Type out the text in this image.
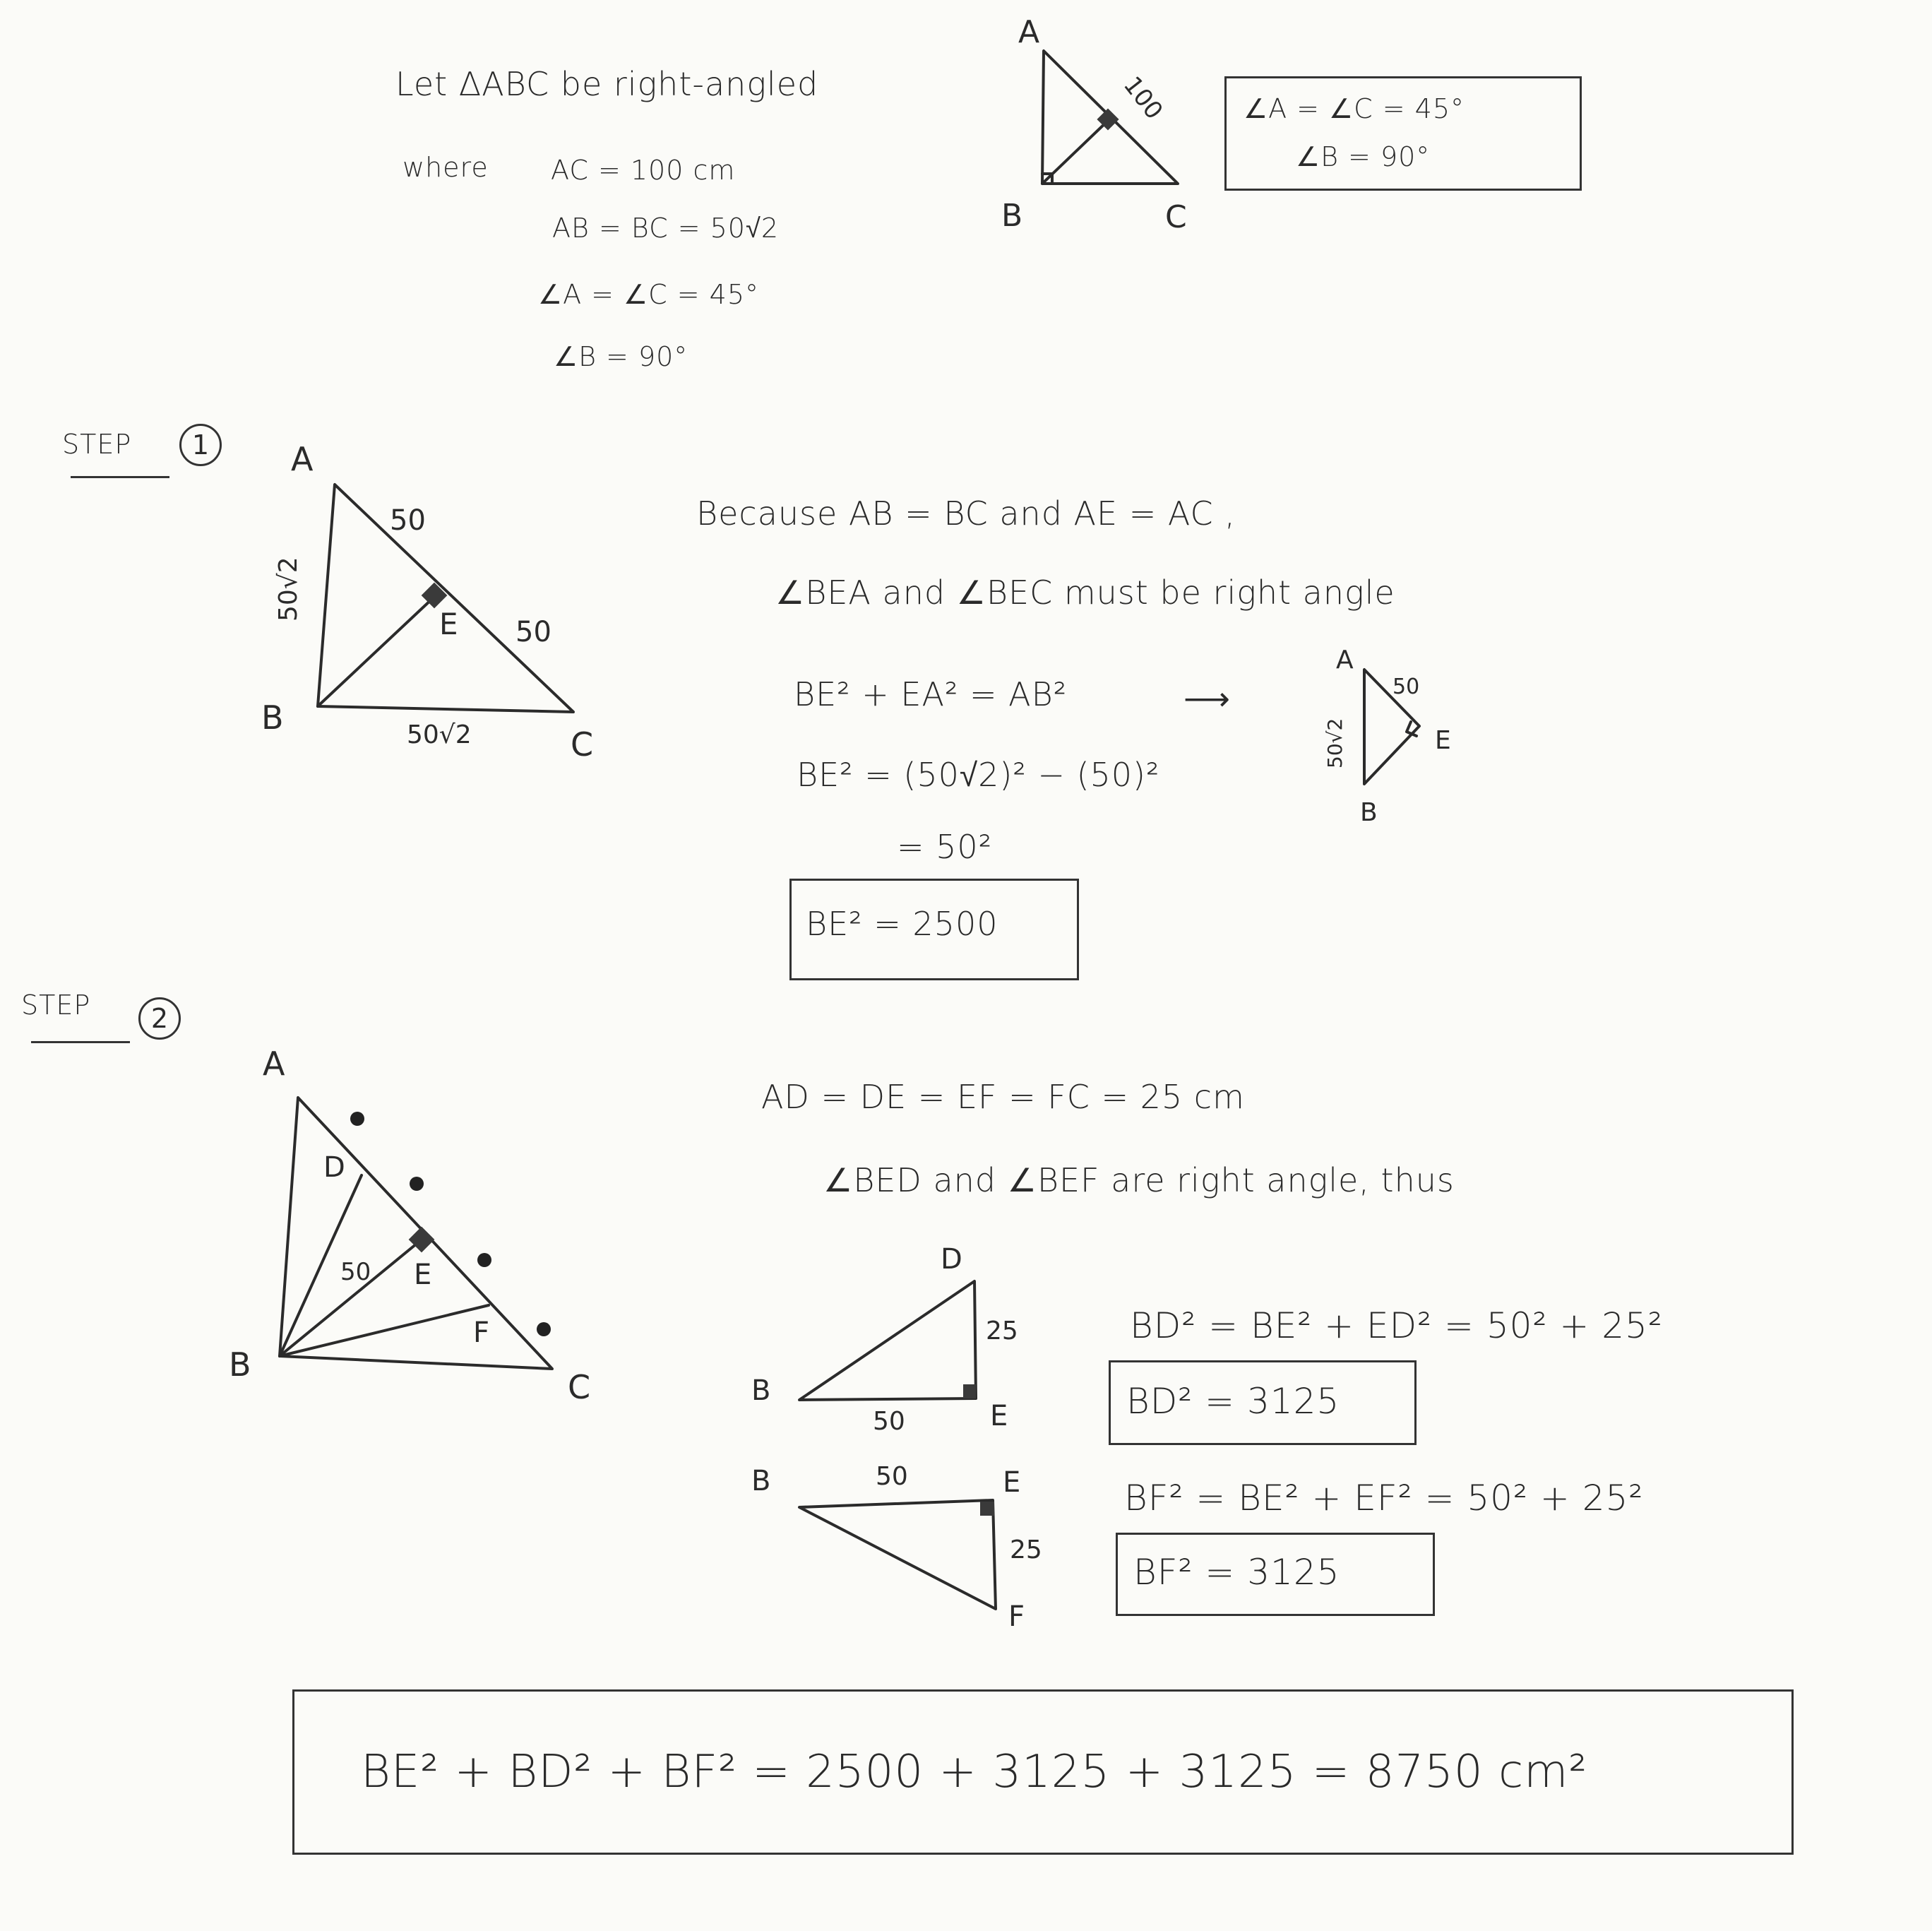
Let ΔABC be right-angled
where AC = 100 cm
AB = BC = 50√2
∠A = ∠C = 45°
∠B = 90°
A
B	C
100	∠A = ∠C = 45°
∠B = 90°
STEP 1	A
B
C
E
50
50
50√2
50√2
Because AB = BC and AE = AC ,
∠BEA and ∠BEC must be right angle
BE² + EA² = AB²	⟶
BE² = (50√2)² − (50)²
= 50²
BE² = 2500
A
B
E
50
50√2
STEP 2
A
B
C
D
E
F
50
AD = DE = EF = FC = 25 cm
∠BED and ∠BEF are right angle, thus
D
B
E
25
50
B	E
F
50
25
BD² = BE² + ED² = 50² + 25²
BD² = 3125
BF² = BE² + EF² = 50² + 25²
BF² = 3125
BE² + BD² + BF² = 2500 + 3125 + 3125 = 8750 cm²
